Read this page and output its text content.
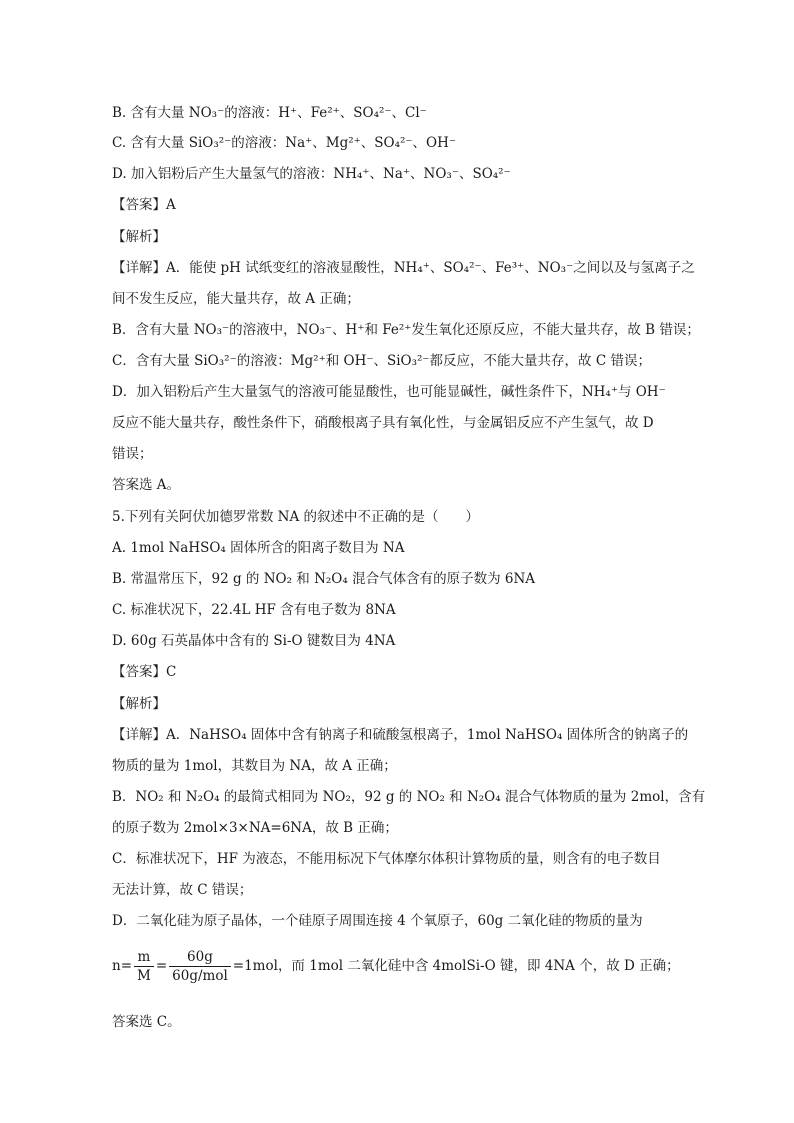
B. 含有大量 NO₃⁻的溶液：H⁺、Fe²⁺、SO₄²⁻、Cl⁻
C. 含有大量 SiO₃²⁻的溶液：Na⁺、Mg²⁺、SO₄²⁻、OH⁻
D. 加入铝粉后产生大量氢气的溶液：NH₄⁺、Na⁺、NO₃⁻、SO₄²⁻
【答案】A
【解析】
【详解】A．能使 pH 试纸变红的溶液显酸性，NH₄⁺、SO₄²⁻、Fe³⁺、NO₃⁻之间以及与氢离子之
间不发生反应，能大量共存，故 A 正确；
B．含有大量 NO₃⁻的溶液中，NO₃⁻、H⁺和 Fe²⁺发生氧化还原反应，不能大量共存，故 B 错误；
C．含有大量 SiO₃²⁻的溶液：Mg²⁺和 OH⁻、SiO₃²⁻都反应，不能大量共存，故 C 错误；
D．加入铝粉后产生大量氢气的溶液可能显酸性，也可能显碱性，碱性条件下，NH₄⁺与 OH⁻
反应不能大量共存，酸性条件下，硝酸根离子具有氧化性，与金属铝反应不产生氢气，故 D
错误；
答案选 A。
5.下列有关阿伏加德罗常数 NA 的叙述中不正确的是（　　）
A. 1mol NaHSO₄ 固体所含的阳离子数目为 NA
B. 常温常压下，92 g 的 NO₂ 和 N₂O₄ 混合气体含有的原子数为 6NA
C. 标准状况下，22.4L HF 含有电子数为 8NA
D. 60g 石英晶体中含有的 Si-O 键数目为 4NA
【答案】C
【解析】
【详解】A．NaHSO₄ 固体中含有钠离子和硫酸氢根离子，1mol NaHSO₄ 固体所含的钠离子的
物质的量为 1mol，其数目为 NA，故 A 正确；
B．NO₂ 和 N₂O₄ 的最简式相同为 NO₂，92 g 的 NO₂ 和 N₂O₄ 混合气体物质的量为 2mol，含有
的原子数为 2mol×3×NA=6NA，故 B 正确；
C．标准状况下，HF 为液态，不能用标况下气体摩尔体积计算物质的量，则含有的电子数目
无法计算，故 C 错误；
D．二氧化硅为原子晶体，一个硅原子周围连接 4 个氧原子，60g 二氧化硅的物质的量为
$n= \frac{m}{M} = \frac{60g}{\text{60g/mol}} =1mol$，而 1mol 二氧化硅中含 4molSi-O 键，即 4NA 个，故 D 正确；
答案选 C。
